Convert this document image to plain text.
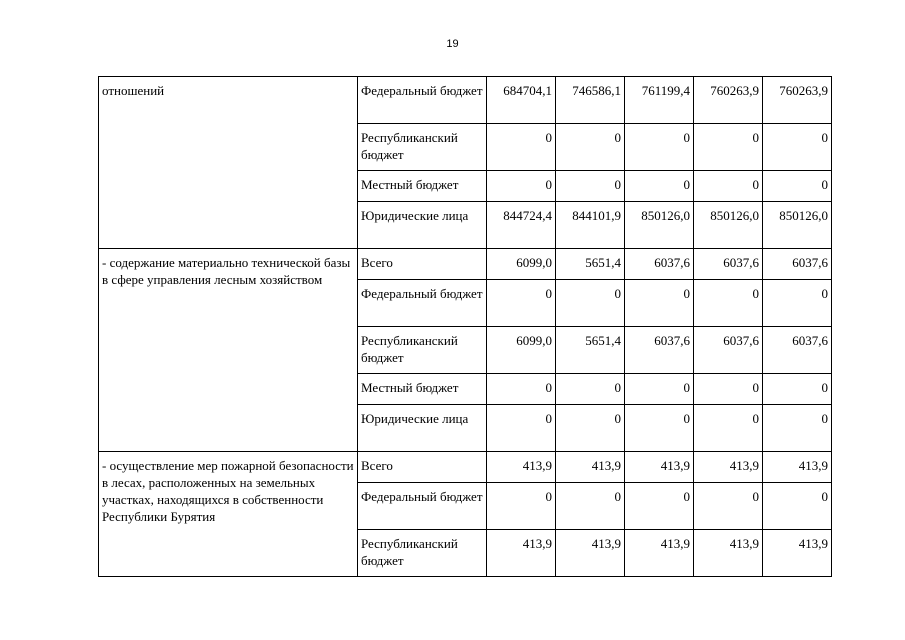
19
отношений	Федеральный бюджет	684704,1	746586,1	761199,4	760263,9	760263,9
	Республиканский бюджет	0	0	0	0	0
	Местный бюджет	0	0	0	0	0
	Юридические лица	844724,4	844101,9	850126,0	850126,0	850126,0
- содержание материально технической базы в сфере управления лесным хозяйством	Всего	6099,0	5651,4	6037,6	6037,6	6037,6
	Федеральный бюджет	0	0	0	0	0
	Республиканский бюджет	6099,0	5651,4	6037,6	6037,6	6037,6
	Местный бюджет	0	0	0	0	0
	Юридические лица	0	0	0	0	0
- осуществление мер пожарной безопасности в лесах, расположенных на земельных участках, находящихся в собственности Республики Бурятия	Всего	413,9	413,9	413,9	413,9	413,9
	Федеральный бюджет	0	0	0	0	0
	Республиканский бюджет	413,9	413,9	413,9	413,9	413,9
